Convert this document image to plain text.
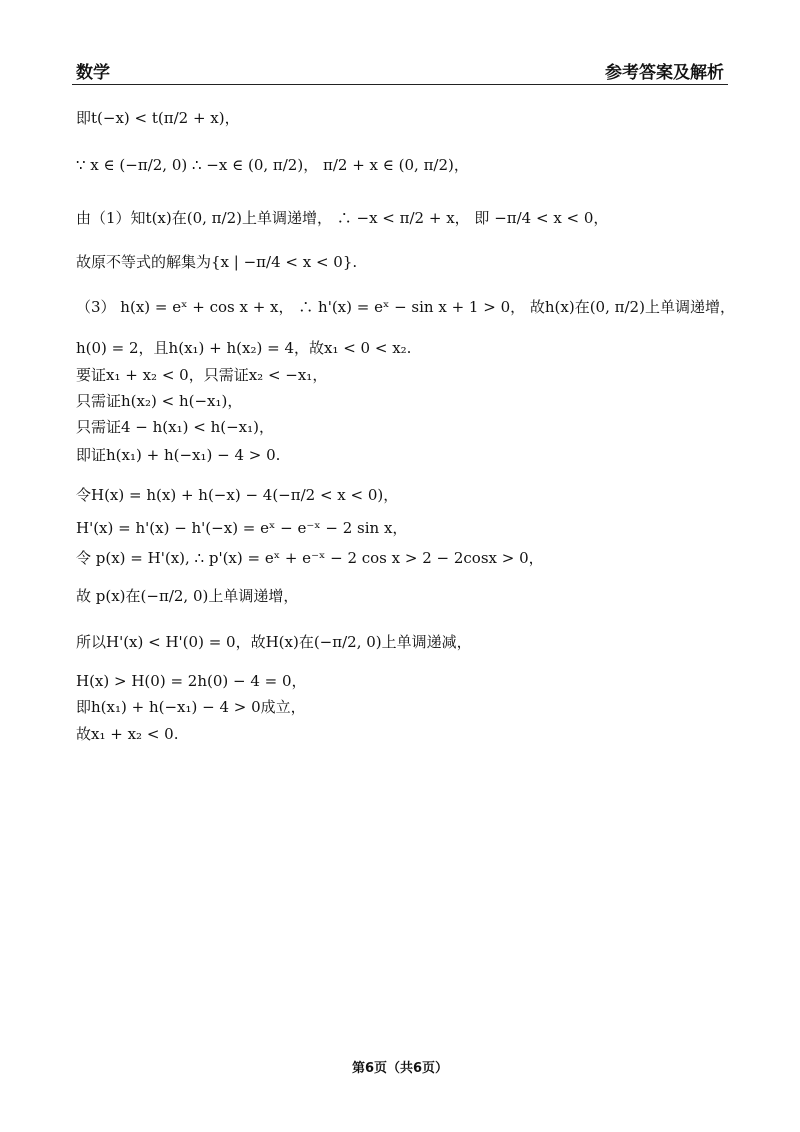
数学	参考答案及解析
即t(−x) < t(π/2 + x)，
∵ x ∈ (−π/2, 0) ∴ −x ∈ (0, π/2)， π/2 + x ∈ (0, π/2)，
由（1）知t(x)在(0, π/2)上单调递增， ∴ −x < π/2 + x， 即 −π/4 < x < 0，
故原不等式的解集为{x | −π/4 < x < 0}.
（3） h(x) = eˣ + cos x + x， ∴ h'(x) = eˣ − sin x + 1 > 0， 故h(x)在(0, π/2)上单调递增，
h(0) = 2，且h(x₁) + h(x₂) = 4，故x₁ < 0 < x₂.
要证x₁ + x₂ < 0，只需证x₂ < −x₁，
只需证h(x₂) < h(−x₁)，
只需证4 − h(x₁) < h(−x₁)，
即证h(x₁) + h(−x₁) − 4 > 0.
令H(x) = h(x) + h(−x) − 4(−π/2 < x < 0)，
H'(x) = h'(x) − h'(−x) = eˣ − e⁻ˣ − 2 sin x，
令 p(x) = H'(x), ∴ p'(x) = eˣ + e⁻ˣ − 2 cos x > 2 − 2cosx > 0，
故 p(x)在(−π/2, 0)上单调递增，
所以H'(x) < H'(0) = 0，故H(x)在(−π/2, 0)上单调递减，
H(x) > H(0) = 2h(0) − 4 = 0，
即h(x₁) + h(−x₁) − 4 > 0成立，
故x₁ + x₂ < 0.
第6页（共6页）
